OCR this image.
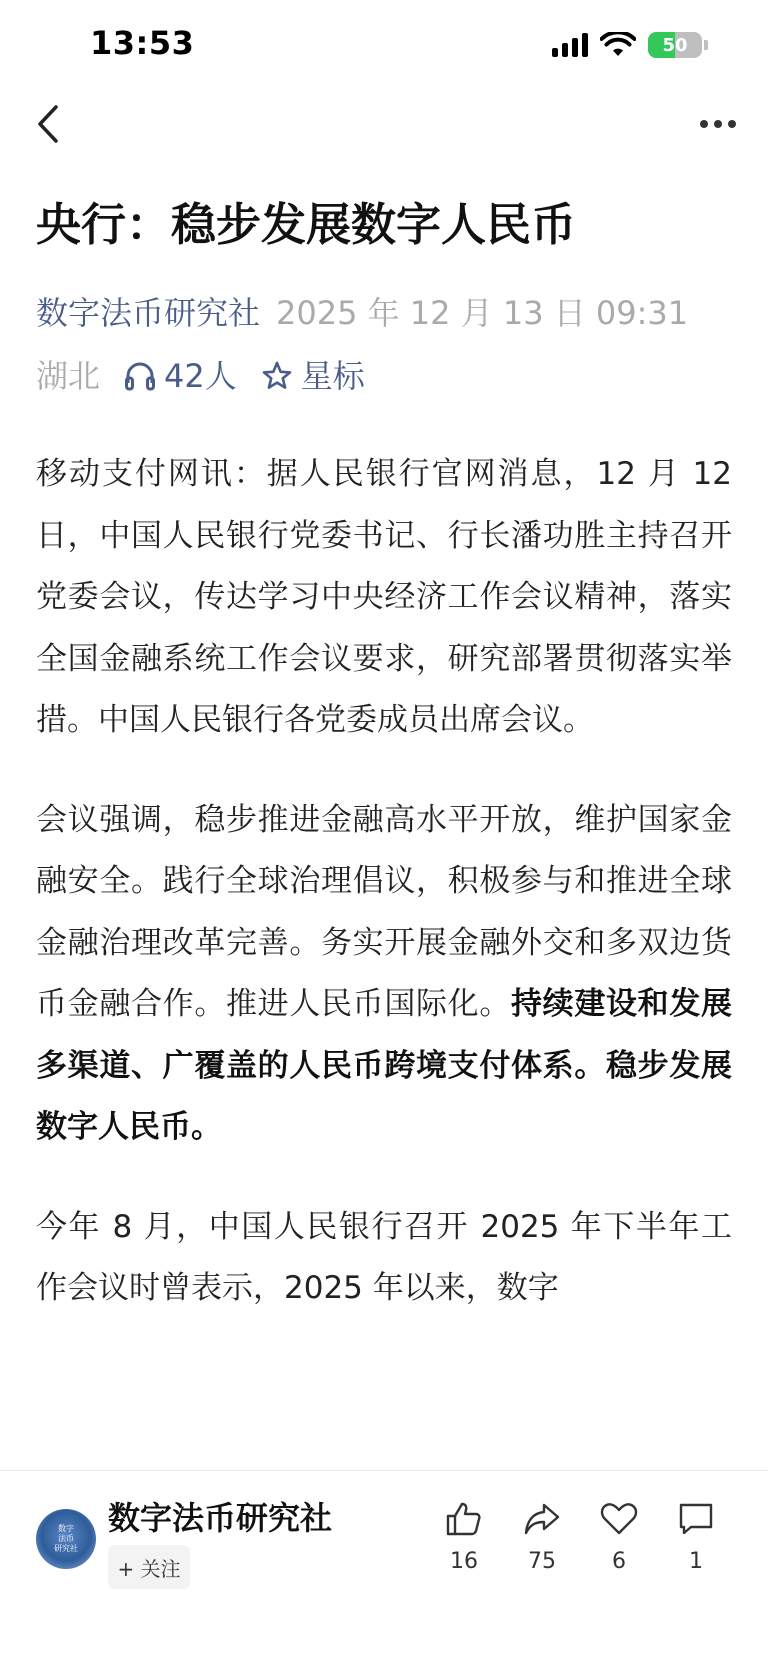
13:53	50
央行：稳步发展数字人民币
数字法币研究社 2025 年 12 月 13 日 09:31
湖北 42人 星标

移动支付网讯：据人民银行官网消息，12 月 12 日，中国人民银行党委书记、行长潘功胜主持召开党委会议，传达学习中央经济工作会议精神，落实全国金融系统工作会议要求，研究部署贯彻落实举措。中国人民银行各党委成员出席会议。

会议强调，稳步推进金融高水平开放，维护国家金融安全。践行全球治理倡议，积极参与和推进全球金融治理改革完善。务实开展金融外交和多双边货币金融合作。推进人民币国际化。持续建设和发展多渠道、广覆盖的人民币跨境支付体系。稳步发展数字人民币。

今年 8 月，中国人民银行召开 2025 年下半年工作会议时曾表示，2025 年以来，数字

数字
法币
研究社
数字法币研究社
+ 关注	16 75	6	1
